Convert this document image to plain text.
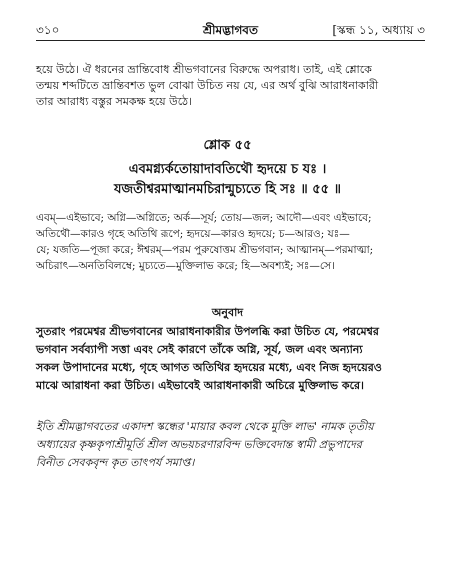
৩১০	শ্রীমদ্ভাগবত	[স্কন্ধ ১১, অধ্যায় ৩
হয়ে উঠে। ঐ ধরনের ভ্রান্তিবোধ শ্রীভগবানের বিরুদ্ধে অপরাধ। তাই, এই শ্লোকে
তন্ময় শব্দটিতে ভ্রান্তিবশত ভুল বোঝা উচিত নয় যে, এর অর্থ বুঝি আরাধনাকারী
তার আরাধ্য বস্তুর সমকক্ষ হয়ে উঠে।
শ্লোক ৫৫
এবমগ্ন্যর্কতোয়াদাবতিথৌ হৃদয়ে চ যঃ ।
যজতীশ্বরমাত্মানমচিরান্মুচ্যতে হি সঃ ॥ ৫৫ ॥

এবম্—এইভাবে; অগ্নি—অগ্নিতে; অর্ক—সূর্য; তোয়—জল; আদৌ—এবং এইভাবে;

অতিথৌ—কারও গৃহে অতিথি রূপে; হৃদয়ে—কারও হৃদয়ে; চ—আরও; যঃ—

যে; যজতি—পূজা করে; ঈশ্বরম্—পরম পুরুষোত্তম শ্রীভগবান; আত্মানম্—পরমাত্মা;

অচিরাৎ—অনতিবিলম্বে; মুচ্যতে—মুক্তিলাভ করে; হি—অবশ্যই; সঃ—সে।

অনুবাদ
সুতরাং পরমেশ্বর শ্রীভগবানের আরাধনাকারীর উপলব্ধি করা উচিত যে, পরমেশ্বর
ভগবান সর্বব্যাপী সত্তা এবং সেই কারণে তাঁকে অগ্নি, সূর্য, জল এবং অন্যান্য
সকল উপাদানের মধ্যে, গৃহে আগত অতিথির হৃদয়ের মধ্যে, এবং নিজ হৃদয়েরও
মাঝে আরাধনা করা উচিত। এইভাবেই আরাধনাকারী অচিরে মুক্তিলাভ করে।
ইতি শ্রীমদ্ভাগবতের একাদশ স্কন্ধের 'মায়ার কবল থেকে মুক্তি লাভ' নামক তৃতীয়
অধ্যায়ের কৃষ্ণকৃপাশ্রীমূর্তি শ্রীল অভয়চরণারবিন্দ ভক্তিবেদান্ত স্বামী প্রভুপাদের
বিনীত সেবকবৃন্দ কৃত তাৎপর্য সমাপ্ত।
